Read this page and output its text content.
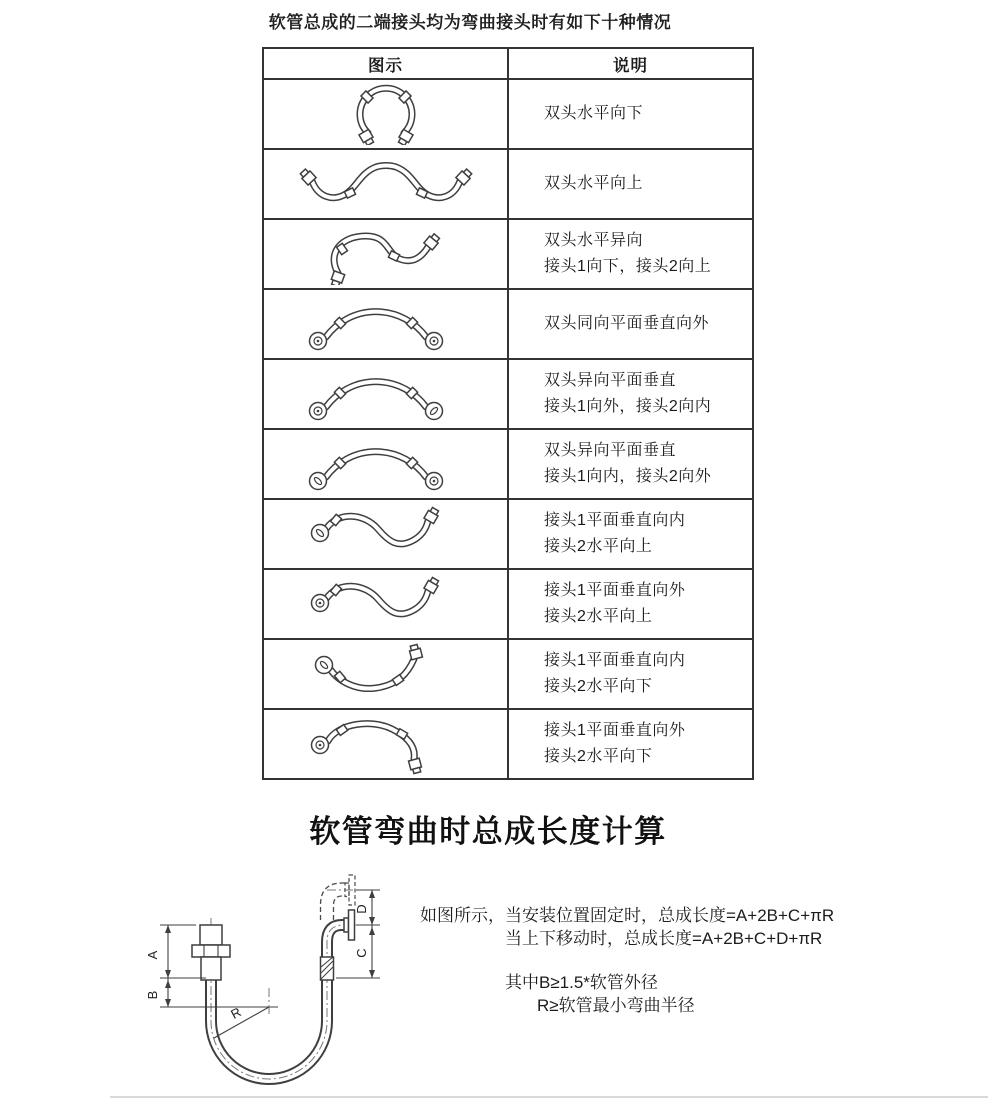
软管总成的二端接头均为弯曲接头时有如下十种情况
图示	说明

双头水平向下

双头水平向上

双头水平异向
接头1向下，接头2向上

双头同向平面垂直向外

双头异向平面垂直
接头1向外，接头2向内

双头异向平面垂直
接头1向内，接头2向外

接头1平面垂直向内
接头2水平向上

接头1平面垂直向外
接头2水平向上

接头1平面垂直向内
接头2水平向下

接头1平面垂直向外
接头2水平向下
软管弯曲时总成长度计算
如图所示，当安装位置固定时，总成长度=A+2B+C+πR
当上下移动时，总成长度=A+2B+C+D+πR
其中B≥1.5*软管外径
R≥软管最小弯曲半径
A
B
D
C
R
